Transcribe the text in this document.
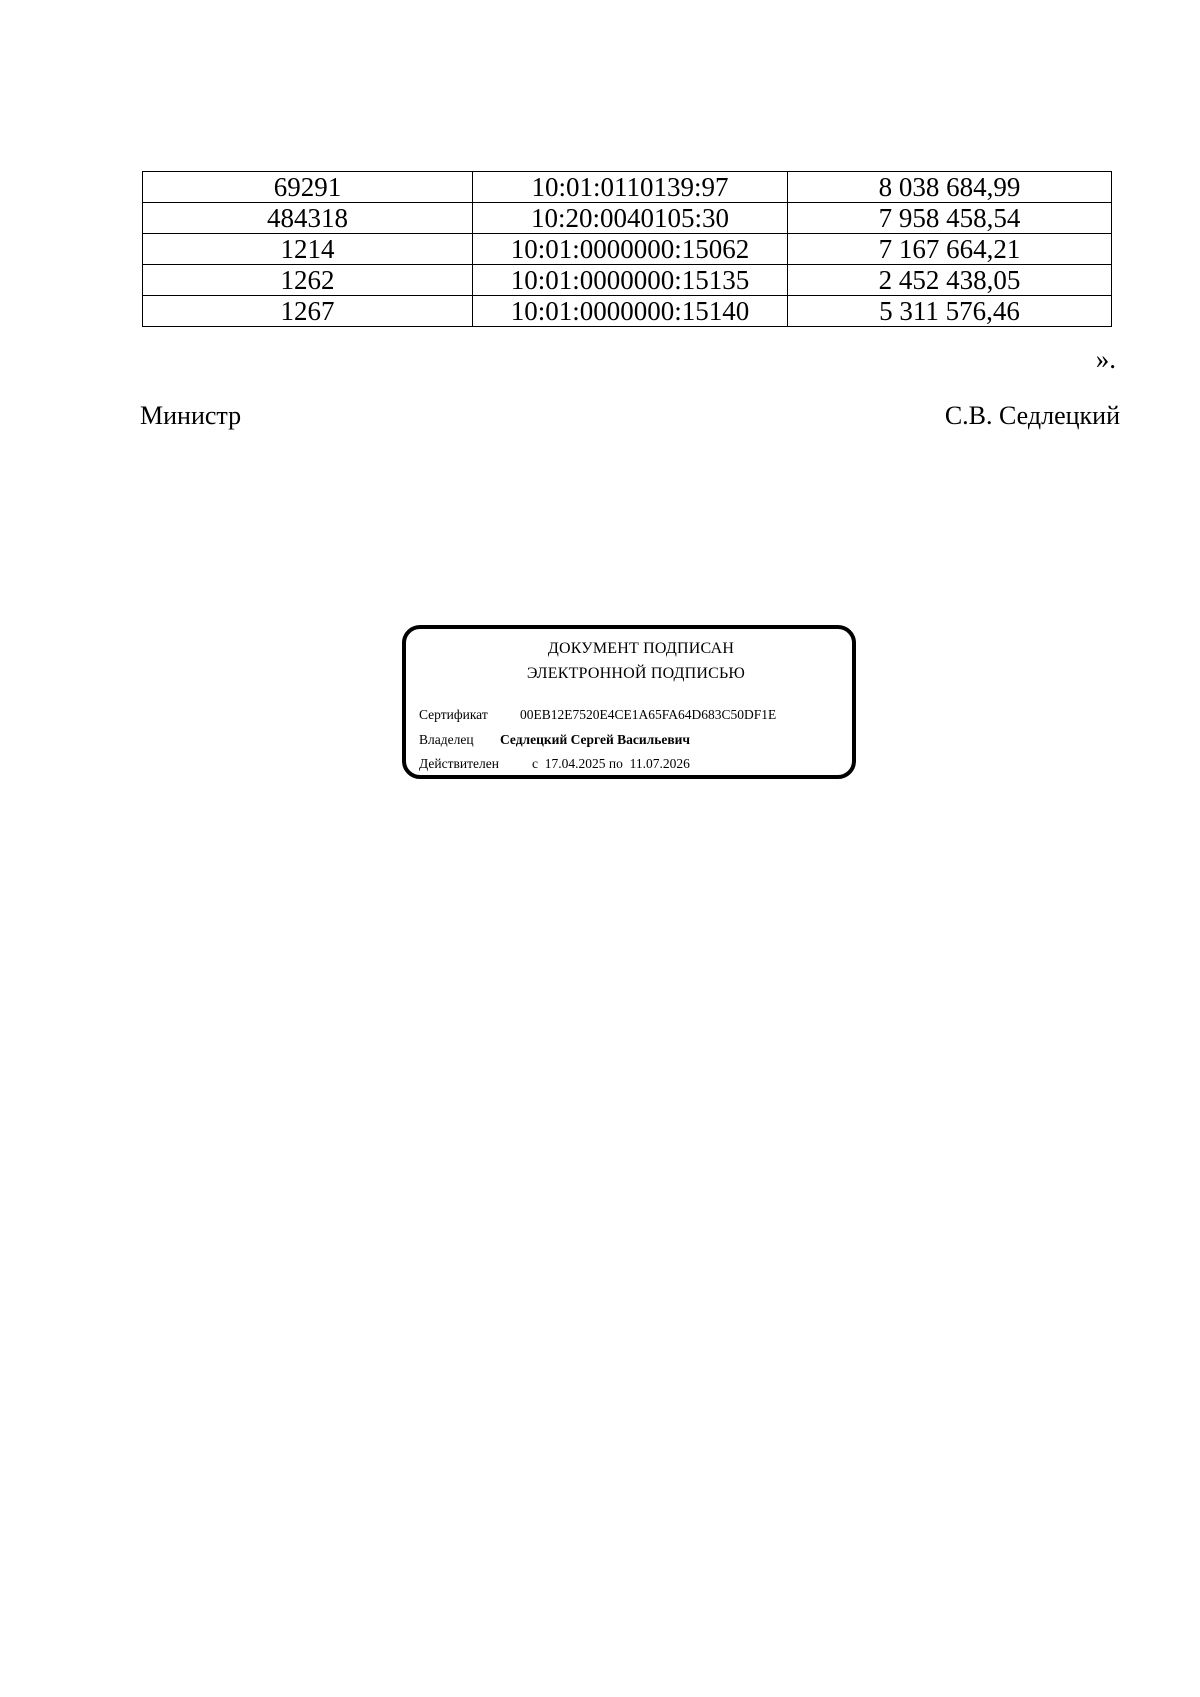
69291	10:01:0110139:97	8 038 684,99
484318	10:20:0040105:30	7 958 458,54
1214	10:01:0000000:15062	7 167 664,21
1262	10:01:0000000:15135	2 452 438,05
1267	10:01:0000000:15140	5 311 576,46
».
Министр	С.В. Седлецкий
ДОКУМЕНТ ПОДПИСАН
ЭЛЕКТРОННОЙ ПОДПИСЬЮ
Сертификат 00EB12E7520E4CE1A65FA64D683C50DF1E
Владелец Седлецкий Сергей Васильевич
Действителен с  17.04.2025 по  11.07.2026
